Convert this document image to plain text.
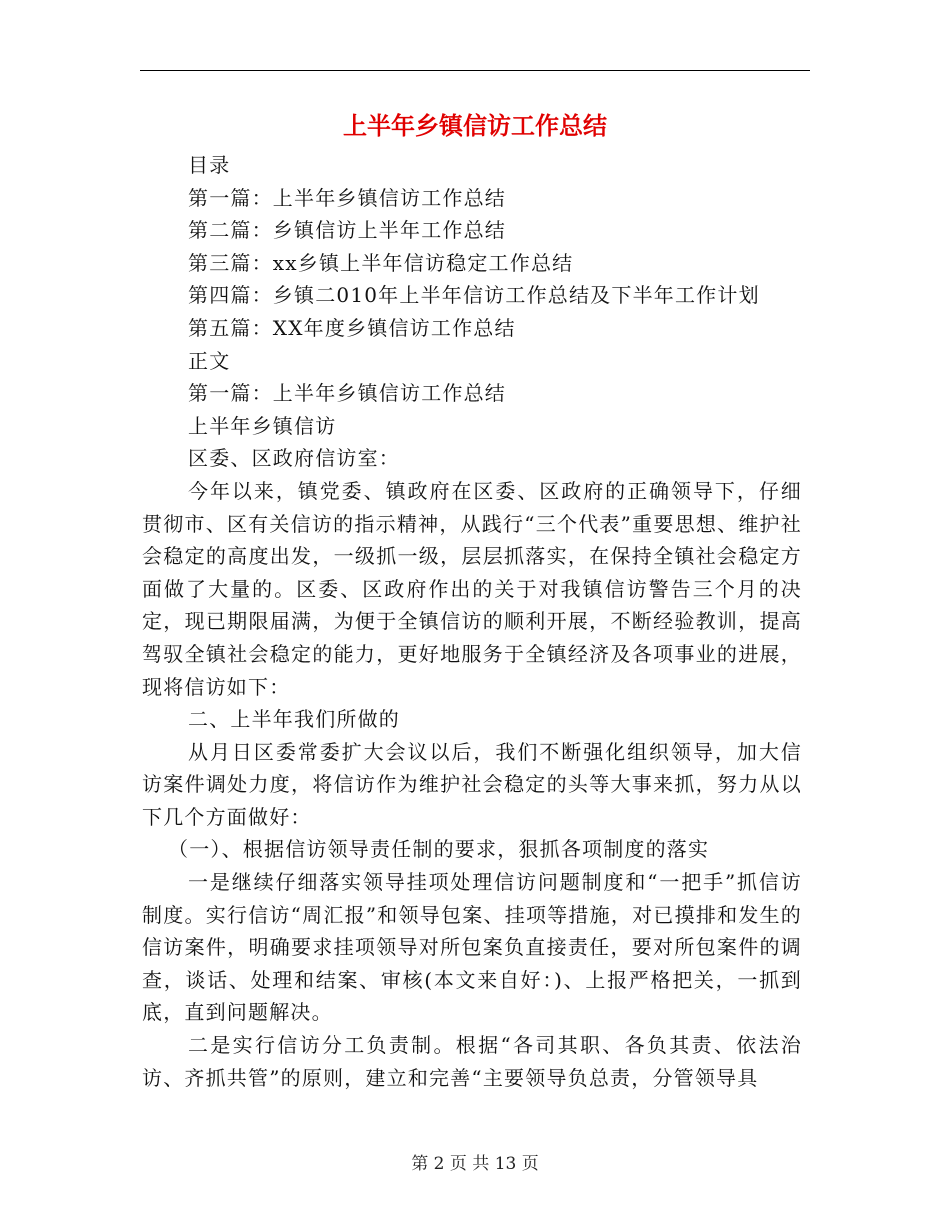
上半年乡镇信访工作总结

目录

第一篇：上半年乡镇信访工作总结

第二篇：乡镇信访上半年工作总结

第三篇：xx乡镇上半年信访稳定工作总结

第四篇：乡镇二010年上半年信访工作总结及下半年工作计划

第五篇：XX年度乡镇信访工作总结

正文

第一篇：上半年乡镇信访工作总结

上半年乡镇信访

区委、区政府信访室：

今年以来，镇党委、镇政府在区委、区政府的正确领导下，仔细贯彻市、区有关信访的指示精神，从践行“三个代表”重要思想、维护社会稳定的高度出发，一级抓一级，层层抓落实，在保持全镇社会稳定方面做了大量的。区委、区政府作出的关于对我镇信访警告三个月的决定，现已期限届满，为便于全镇信访的顺利开展，不断经验教训，提高驾驭全镇社会稳定的能力，更好地服务于全镇经济及各项事业的进展，现将信访如下：

二、上半年我们所做的

从月日区委常委扩大会议以后，我们不断强化组织领导，加大信访案件调处力度，将信访作为维护社会稳定的头等大事来抓，努力从以下几个方面做好：

（一）、根据信访领导责任制的要求，狠抓各项制度的落实

一是继续仔细落实领导挂项处理信访问题制度和“一把手”抓信访制度。实行信访“周汇报”和领导包案、挂项等措施，对已摸排和发生的信访案件，明确要求挂项领导对所包案负直接责任，要对所包案件的调查，谈话、处理和结案、审核(本文来自好：)、上报严格把关，一抓到底，直到问题解决。

二是实行信访分工负责制。根据“各司其职、各负其责、依法治访、齐抓共管”的原则，建立和完善“主要领导负总责，分管领导具

第 2 页 共 13 页
